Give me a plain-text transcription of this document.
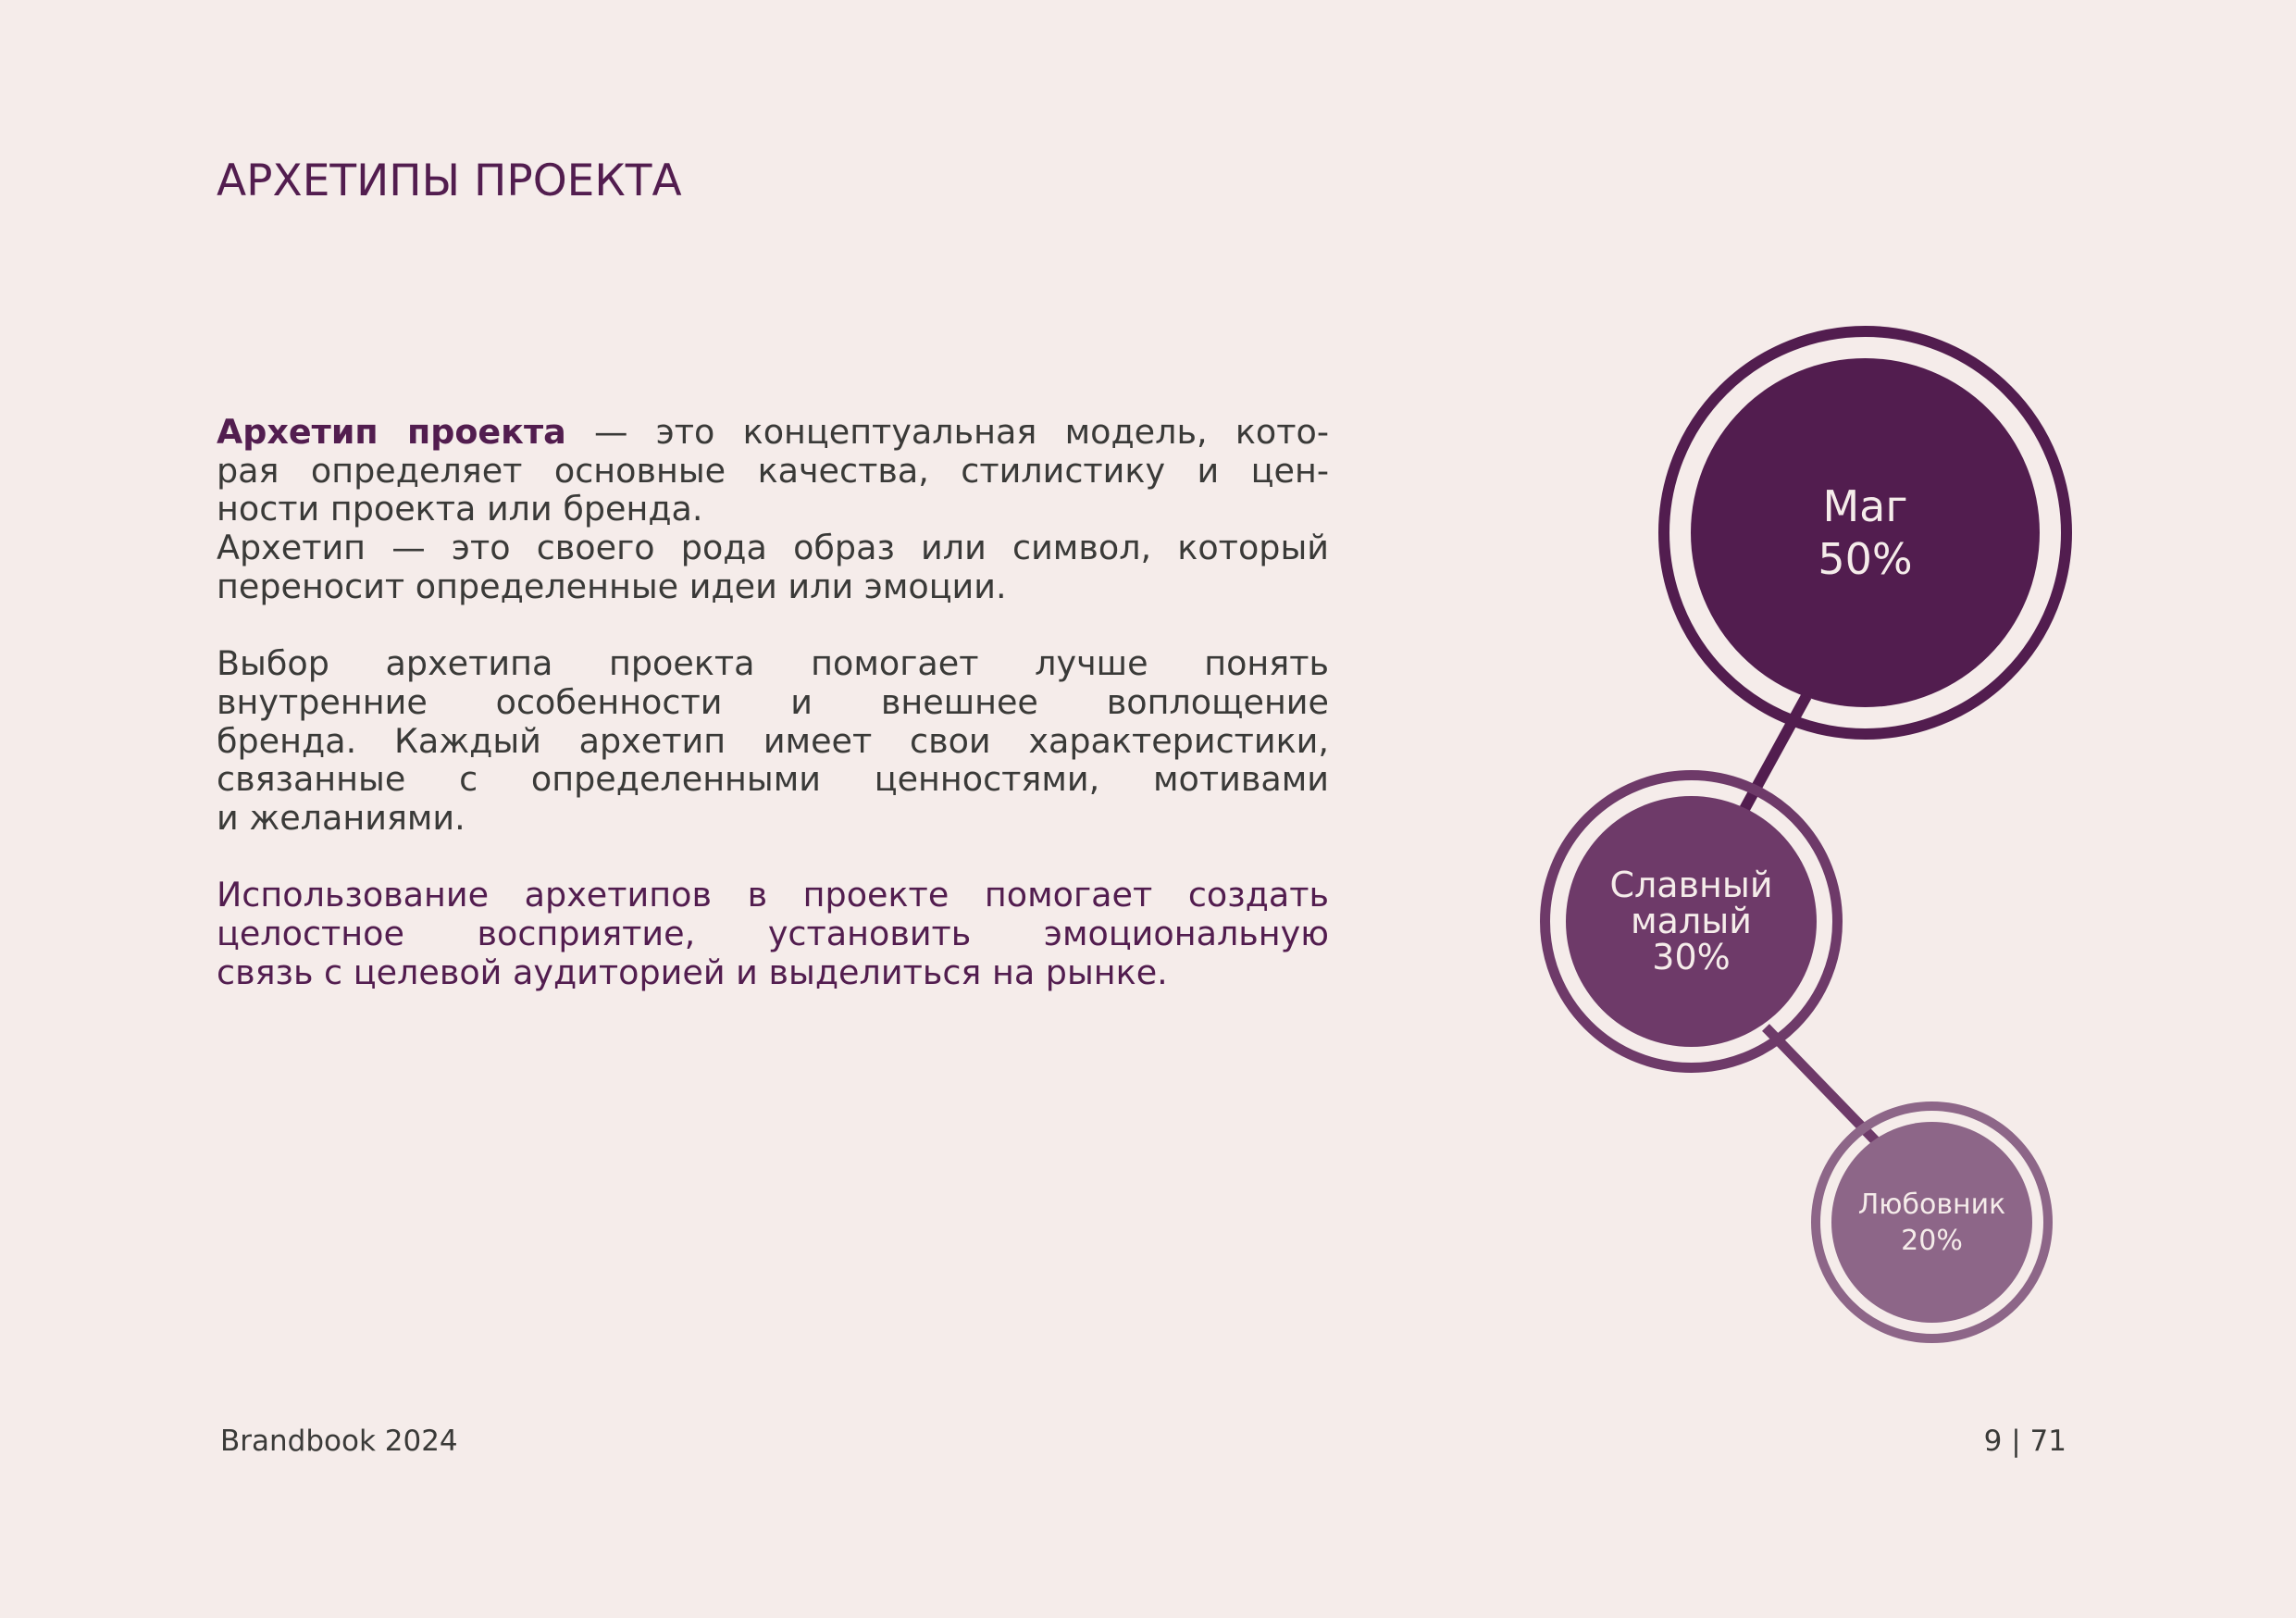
АРХЕТИПЫ ПРОЕКТА

Архетип проекта — это концептуальная модель, кото-
рая определяет основные качества, стилистику и цен-
ности проекта или бренда.
Архетип — это своего рода образ или символ, который
переносит определенные идеи или эмоции.

Выбор архетипа проекта помогает лучше понять
внутренние особенности и внешнее воплощение
бренда. Каждый архетип имеет свои характеристики,
связанные с определенными ценностями, мотивами
и желаниями.

Использование архетипов в проекте помогает создать
целостное восприятие, установить эмоциональную
связь с целевой аудиторией и выделиться на рынке.

Маг
50%
Славный
малый
30%
Любовник
20%
Brandbook 2024	9 | 71
